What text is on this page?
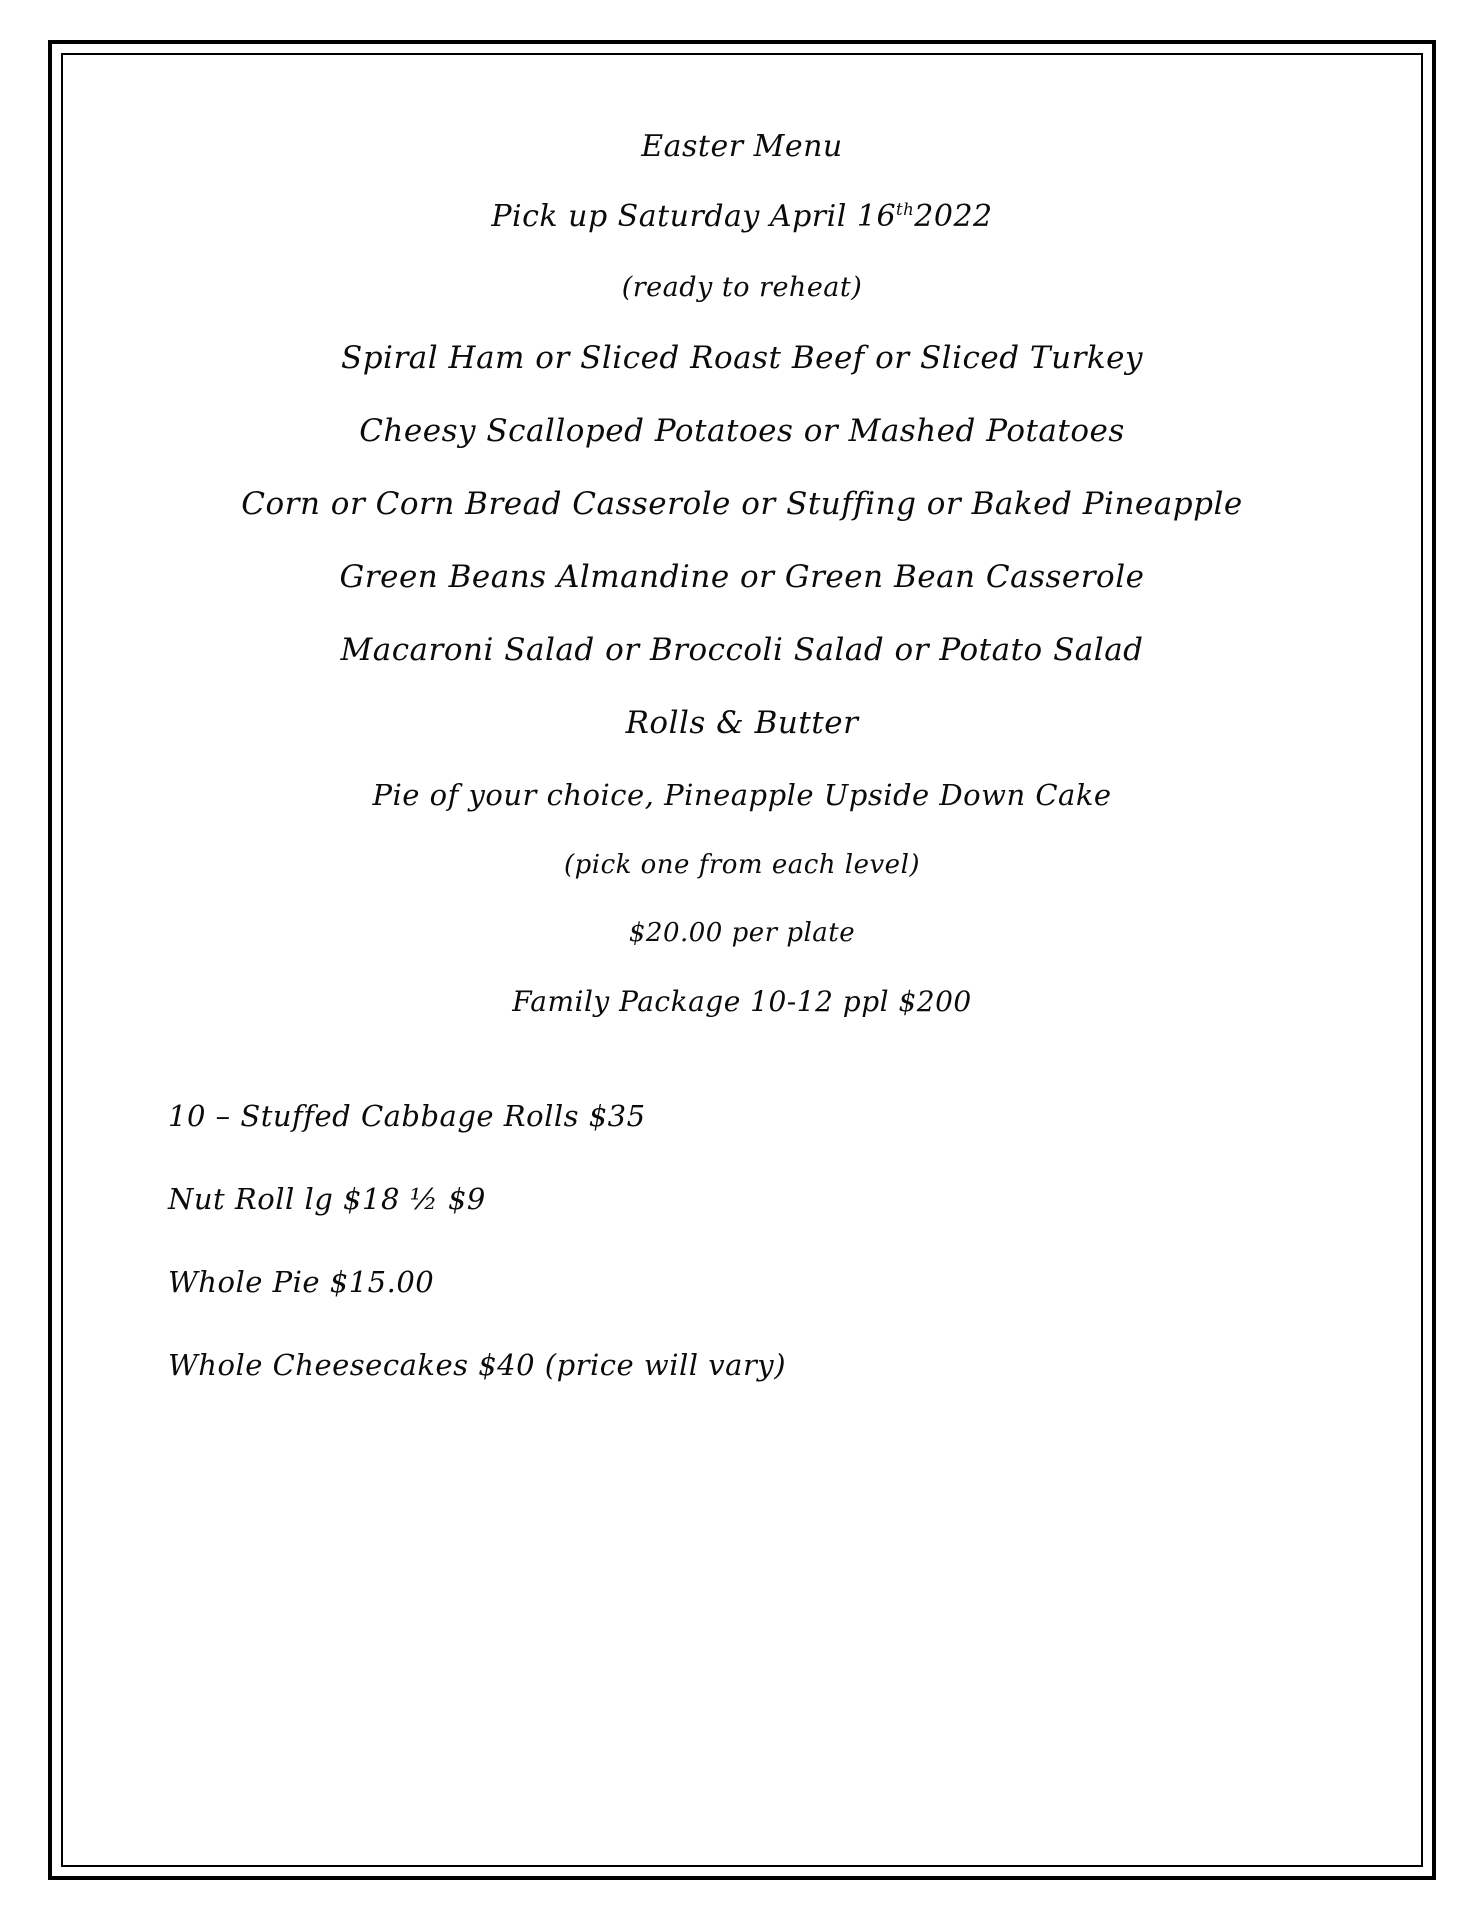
Easter Menu
Pick up Saturday April 16th2022
(ready to reheat)
Spiral Ham or Sliced Roast Beef or Sliced Turkey
Cheesy Scalloped Potatoes or Mashed Potatoes
Corn or Corn Bread Casserole or Stuffing or Baked Pineapple
Green Beans Almandine or Green Bean Casserole
Macaroni Salad or Broccoli Salad or Potato Salad
Rolls & Butter
Pie of your choice, Pineapple Upside Down Cake
(pick one from each level)
$20.00 per plate
Family Package 10-12 ppl $200
10 – Stuffed Cabbage Rolls $35
Nut Roll lg $18 ½ $9
Whole Pie $15.00
Whole Cheesecakes $40 (price will vary)
